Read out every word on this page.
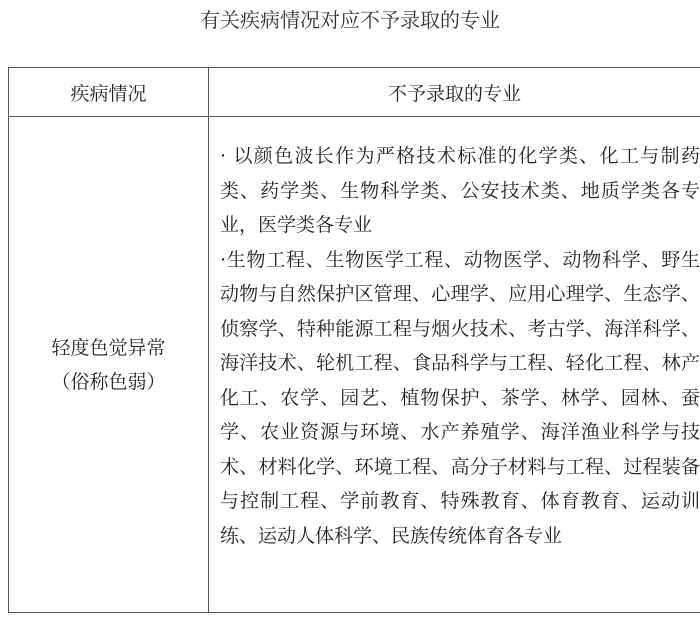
有关疾病情况对应不予录取的专业
疾病情况	不予录取的专业

轻度色觉异常
（俗称色弱）	· 以颜色波长作为严格技术标准的化学类、化工与制药类、药学类、生物科学类、公安技术类、地质学类各专业，医学类各专业
·生物工程、生物医学工程、动物医学、动物科学、野生动物与自然保护区管理、心理学、应用心理学、生态学、侦察学、特种能源工程与烟火技术、考古学、海洋科学、海洋技术、轮机工程、食品科学与工程、轻化工程、林产化工、农学、园艺、植物保护、茶学、林学、园林、蚕学、农业资源与环境、水产养殖学、海洋渔业科学与技术、材料化学、环境工程、高分子材料与工程、过程装备与控制工程、学前教育、特殊教育、体育教育、运动训练、运动人体科学、民族传统体育各专业
